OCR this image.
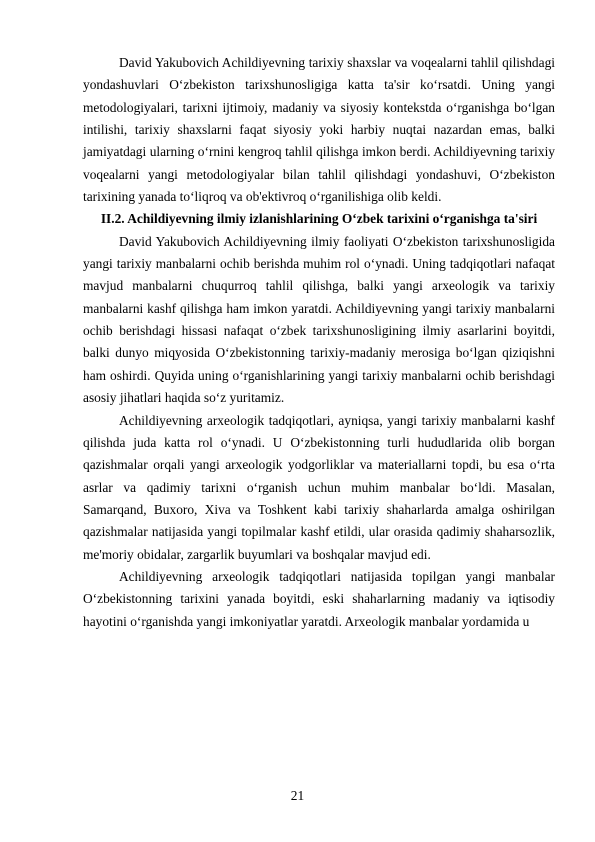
David Yakubovich Achildiyevning tarixiy shaxslar va voqealarni tahlil qilishdagi yondashuvlari O‘zbekiston tarixshunosligiga katta ta'sir ko‘rsatdi. Uning yangi metodologiyalari, tarixni ijtimoiy, madaniy va siyosiy kontekstda o‘rganishga bo‘lgan intilishi, tarixiy shaxslarni faqat siyosiy yoki harbiy nuqtai nazardan emas, balki jamiyatdagi ularning o‘rnini kengroq tahlil qilishga imkon berdi. Achildiyevning tarixiy voqealarni yangi metodologiyalar bilan tahlil qilishdagi yondashuvi, O‘zbekiston tarixining yanada to‘liqroq va ob'ektivroq o‘rganilishiga olib keldi.

II.2. Achildiyevning ilmiy izlanishlarining O‘zbek tarixini o‘rganishga ta'siri

David Yakubovich Achildiyevning ilmiy faoliyati O‘zbekiston tarixshunosligida yangi tarixiy manbalarni ochib berishda muhim rol o‘ynadi. Uning tadqiqotlari nafaqat mavjud manbalarni chuqurroq tahlil qilishga, balki yangi arxeologik va tarixiy manbalarni kashf qilishga ham imkon yaratdi. Achildiyevning yangi tarixiy manbalarni ochib berishdagi hissasi nafaqat o‘zbek tarixshunosligining ilmiy asarlarini boyitdi, balki dunyo miqyosida O‘zbekistonning tarixiy-madaniy merosiga bo‘lgan qiziqishni ham oshirdi. Quyida uning o‘rganishlarining yangi tarixiy manbalarni ochib berishdagi asosiy jihatlari haqida so‘z yuritamiz.

Achildiyevning arxeologik tadqiqotlari, ayniqsa, yangi tarixiy manbalarni kashf qilishda juda katta rol o‘ynadi. U O‘zbekistonning turli hududlarida olib borgan qazishmalar orqali yangi arxeologik yodgorliklar va materiallarni topdi, bu esa o‘rta asrlar va qadimiy tarixni o‘rganish uchun muhim manbalar bo‘ldi. Masalan, Samarqand, Buxoro, Xiva va Toshkent kabi tarixiy shaharlarda amalga oshirilgan qazishmalar natijasida yangi topilmalar kashf etildi, ular orasida qadimiy shaharsozlik, me'moriy obidalar, zargarlik buyumlari va boshqalar mavjud edi.

Achildiyevning arxeologik tadqiqotlari natijasida topilgan yangi manbalar O‘zbekistonning tarixini yanada boyitdi, eski shaharlarning madaniy va iqtisodiy hayotini o‘rganishda yangi imkoniyatlar yaratdi. Arxeologik manbalar yordamida u

21
